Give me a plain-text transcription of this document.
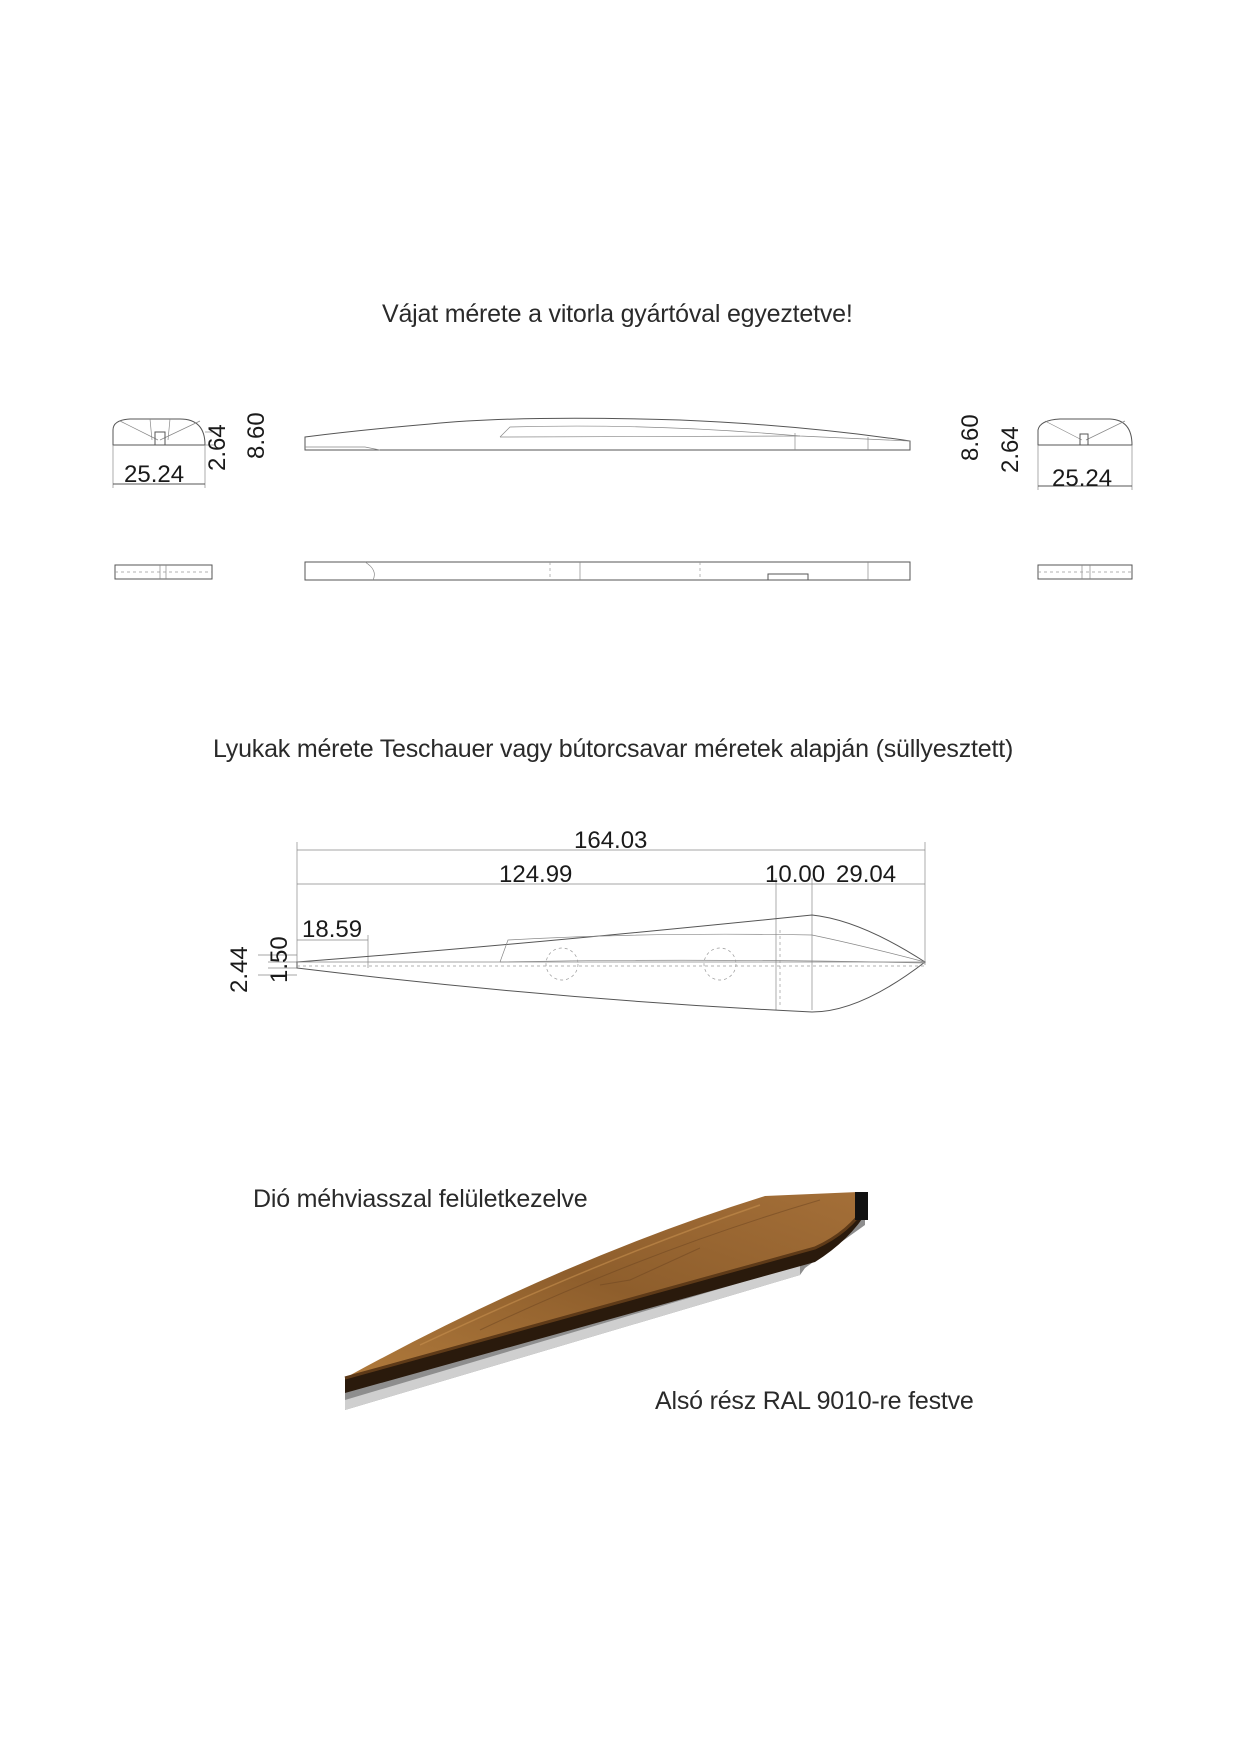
Vájat mérete a vitorla gyártóval egyeztetve!
Lyukak mérete Teschauer vagy bútorcsavar méretek alapján (süllyesztett)
Dió méhviasszal felületkezelve
Alsó rész RAL 9010-re festve
25.24
2.64 8.60	8.60 2.64
25.24
164.03
124.99	10.00 29.04
18.59
2.44 1.50
